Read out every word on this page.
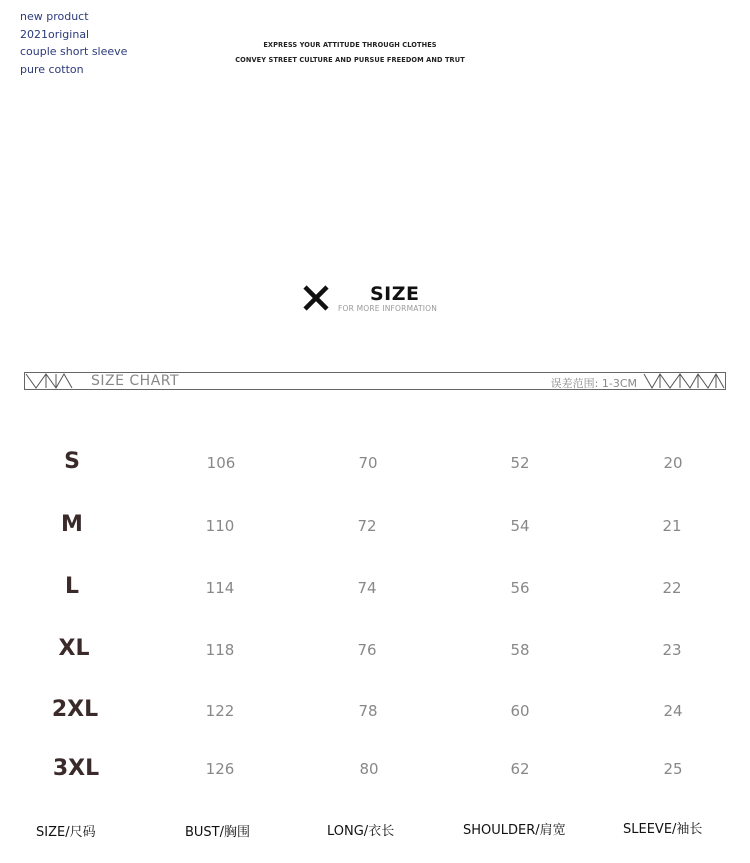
new product
2021original
couple short sleeve
pure cotton
EXPRESS YOUR ATTITUDE THROUGH CLOTHES
CONVEY STREET CULTURE AND PURSUE FREEDOM AND TRUT
SIZE
FOR MORE INFORMATION
SIZE CHART	误差范围: 1-3CM
S	106	70	52	20
M	110	72	54	21
L	114	74	56	22
XL	118	76	58	23
2XL	122	78	60	24
3XL	126	80	62	25
SIZE/尺码	BUST/胸围	LONG/衣长	SHOULDER/肩宽	SLEEVE/袖长
